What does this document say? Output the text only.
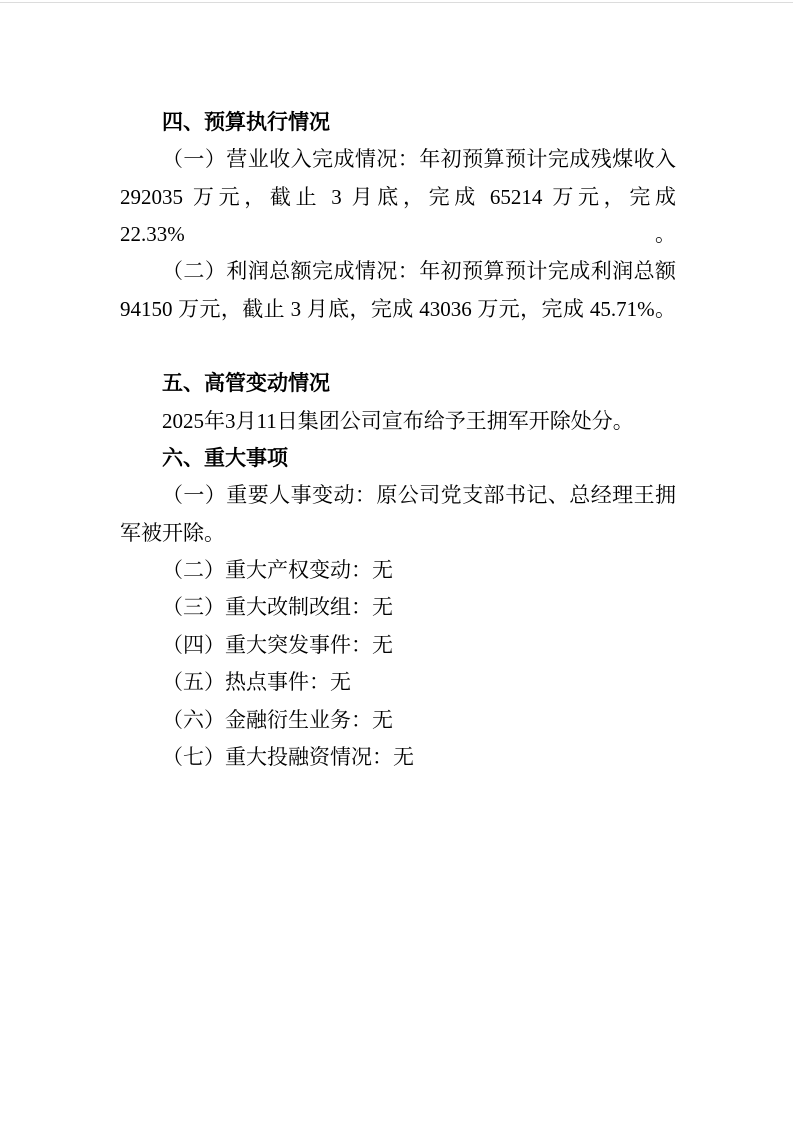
四、预算执行情况
（一）营业收入完成情况：年初预算预计完成残煤收入
292035 万元，截止 3 月底，完成 65214 万元，完成 22.33%。
（二）利润总额完成情况：年初预算预计完成利润总额
94150 万元，截止 3 月底，完成 43036 万元，完成 45.71%。
五、高管变动情况
2025年3月11日集团公司宣布给予王拥军开除处分。
六、重大事项
（一）重要人事变动：原公司党支部书记、总经理王拥
军被开除。
（二）重大产权变动：无
（三）重大改制改组：无
（四）重大突发事件：无
（五）热点事件：无
（六）金融衍生业务：无
（七）重大投融资情况：无
